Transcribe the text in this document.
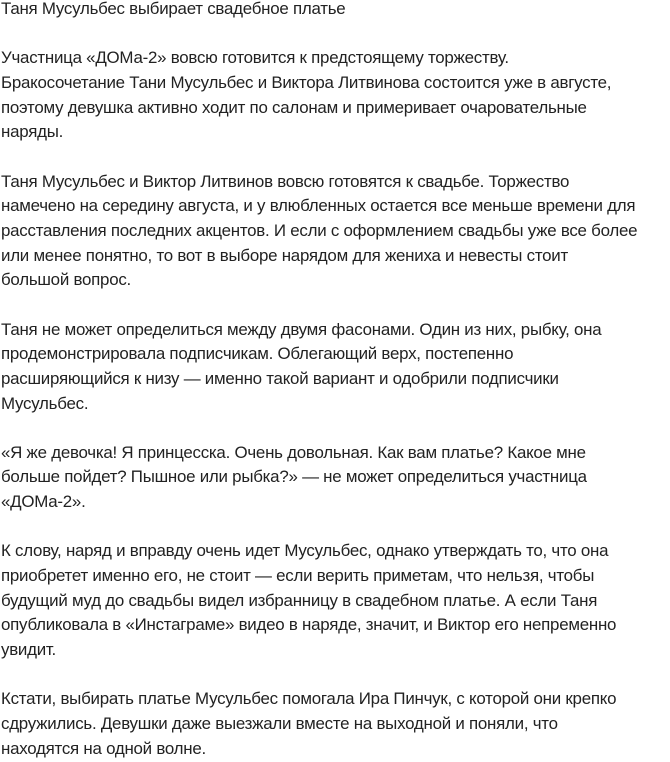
Таня Мусульбес выбирает свадебное платье
Участница «ДОМа-2» вовсю готовится к предстоящему торжеству.
Бракосочетание Тани Мусульбес и Виктора Литвинова состоится уже в августе,
поэтому девушка активно ходит по салонам и примеривает очаровательные
наряды.
Таня Мусульбес и Виктор Литвинов вовсю готовятся к свадьбе. Торжество
намечено на середину августа, и у влюбленных остается все меньше времени для
расставления последних акцентов. И если с оформлением свадьбы уже все более
или менее понятно, то вот в выборе нарядом для жениха и невесты стоит
большой вопрос.
Таня не может определиться между двумя фасонами. Один из них, рыбку, она
продемонстрировала подписчикам. Облегающий верх, постепенно
расширяющийся к низу — именно такой вариант и одобрили подписчики
Мусульбес.
«Я же девочка! Я принцесска. Очень довольная. Как вам платье? Какое мне
больше пойдет? Пышное или рыбка?» — не может определиться участница
«ДОМа-2».
К слову, наряд и вправду очень идет Мусульбес, однако утверждать то, что она
приобретет именно его, не стоит — если верить приметам, что нельзя, чтобы
будущий муд до свадьбы видел избранницу в свадебном платье. А если Таня
опубликовала в «Инстаграме» видео в наряде, значит, и Виктор его непременно
увидит.
Кстати, выбирать платье Мусульбес помогала Ира Пинчук, с которой они крепко
сдружились. Девушки даже выезжали вместе на выходной и поняли, что
находятся на одной волне.
